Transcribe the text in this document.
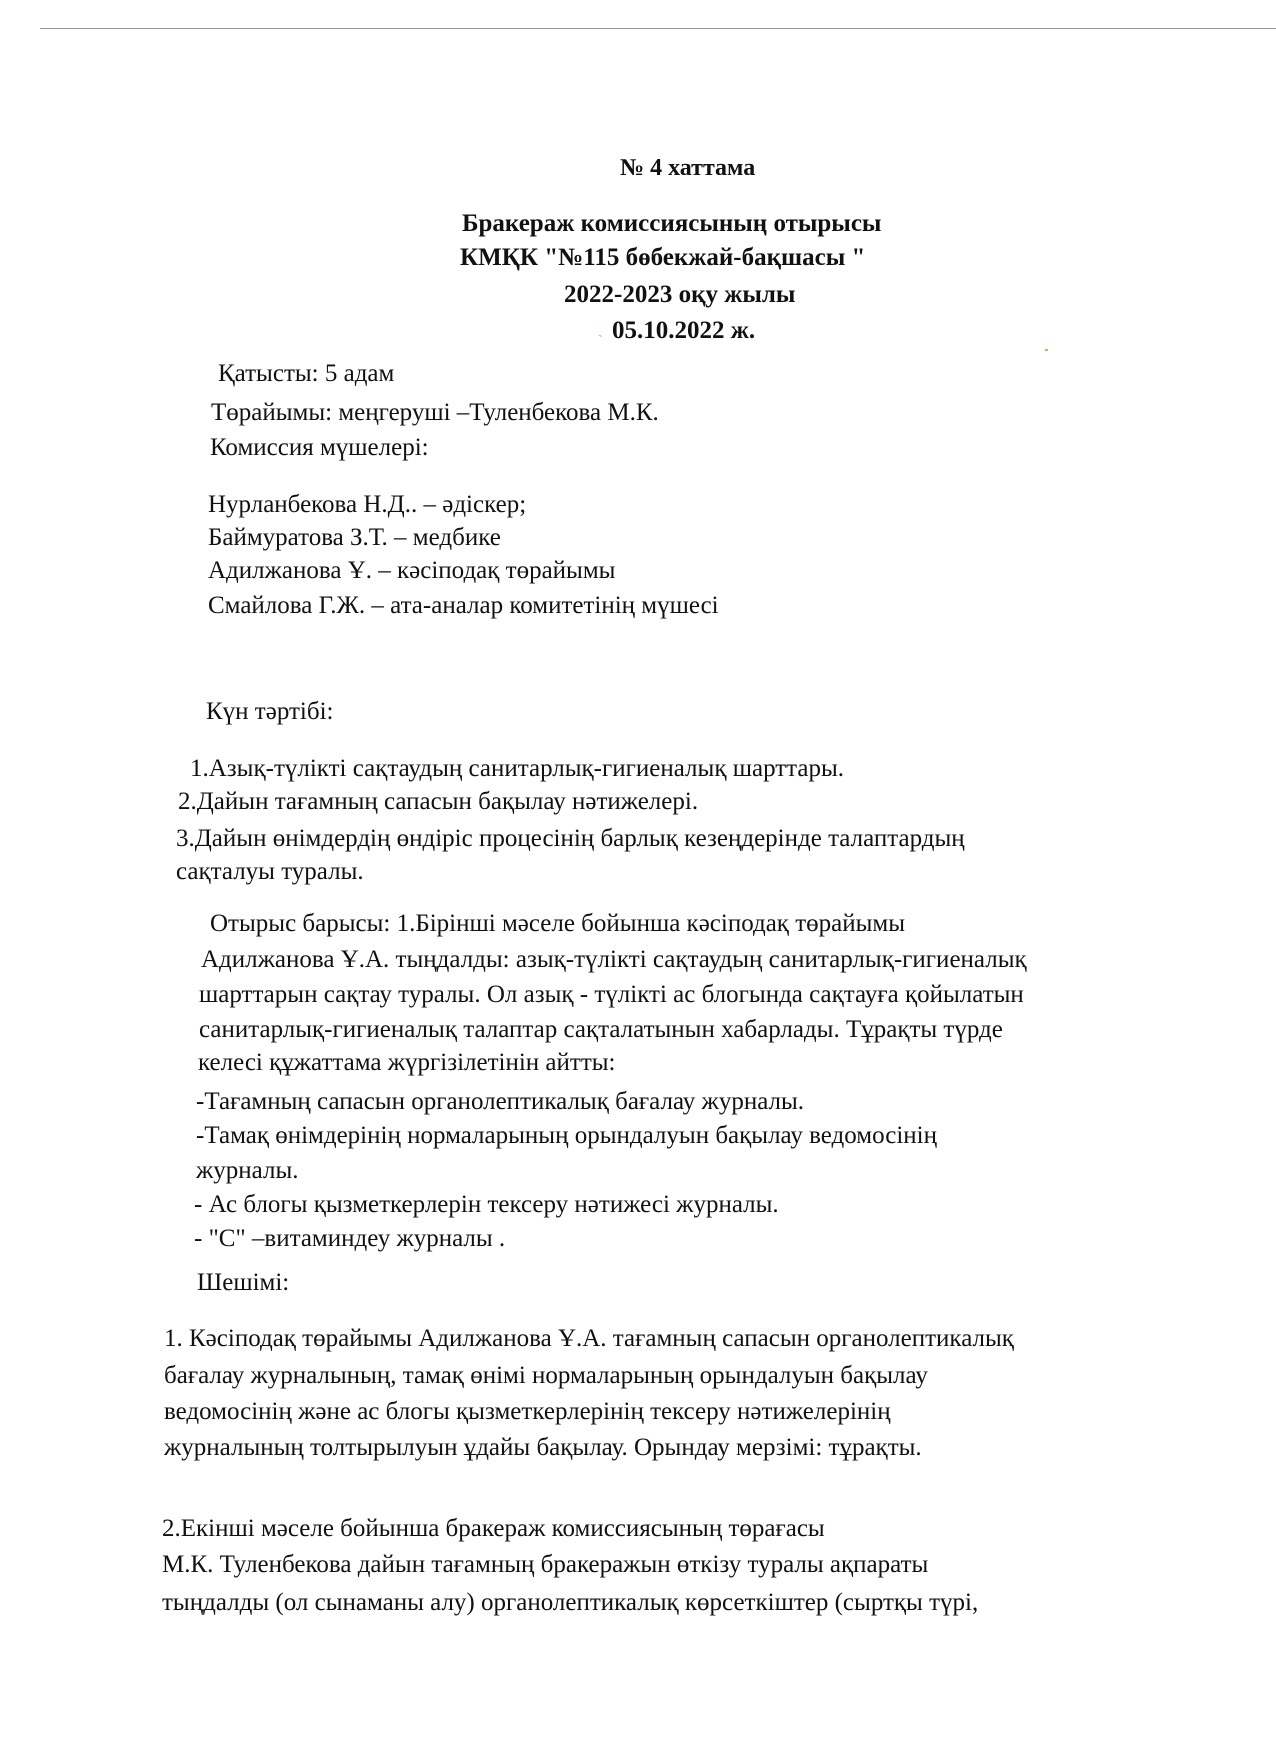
№ 4 хаттама
Бракераж комиссиясының отырысы
КМҚК "№115 бөбекжай-бақшасы "
2022-2023 оқу жылы
ˎ 05.10.2022 ж.
Қатысты: 5 адам
Төрайымы: меңгеруші –Туленбекова М.К.
Комиссия мүшелері:
Нурланбекова Н.Д.. – әдіскер;
Баймуратова З.Т. – медбике
Адилжанова Ұ. – кәсіподақ төрайымы
Смайлова Г.Ж. – ата-аналар комитетінің мүшесі
Күн тәртібі:
1.Азық-түлікті сақтаудың санитарлық-гигиеналық шарттары.
2.Дайын тағамның сапасын бақылау нәтижелері.
3.Дайын өнімдердің өндіріс процесінің барлық кезеңдерінде талаптардың
сақталуы туралы.
Отырыс барысы: 1.Бірінші мәселе бойынша кәсіподақ төрайымы
Адилжанова Ұ.А. тыңдалды: азық-түлікті сақтаудың санитарлық-гигиеналық
шарттарын сақтау туралы. Ол азық - түлікті ас блогында сақтауға қойылатын
санитарлық-гигиеналық талаптар сақталатынын хабарлады. Тұрақты түрде
келесі құжаттама жүргізілетінін айтты:
-Тағамның сапасын органолептикалық бағалау журналы.
-Тамақ өнімдерінің нормаларының орындалуын бақылау ведомосінің
журналы.
- Ас блогы қызметкерлерін тексеру нәтижесі журналы.
- "С" –витаминдеу журналы .
Шешімі:
1. Кәсіподақ төрайымы Адилжанова Ұ.А. тағамның сапасын органолептикалық
бағалау журналының, тамақ өнімі нормаларының орындалуын бақылау
ведомосінің және ас блогы қызметкерлерінің тексеру нәтижелерінің
журналының толтырылуын ұдайы бақылау. Орындау мерзімі: тұрақты.
2.Екінші мәселе бойынша бракераж комиссиясының төрағасы
М.К. Туленбекова дайын тағамның бракеражын өткізу туралы ақпараты
тыңдалды (ол сынаманы алу) органолептикалық көрсеткіштер (сыртқы түрі,
